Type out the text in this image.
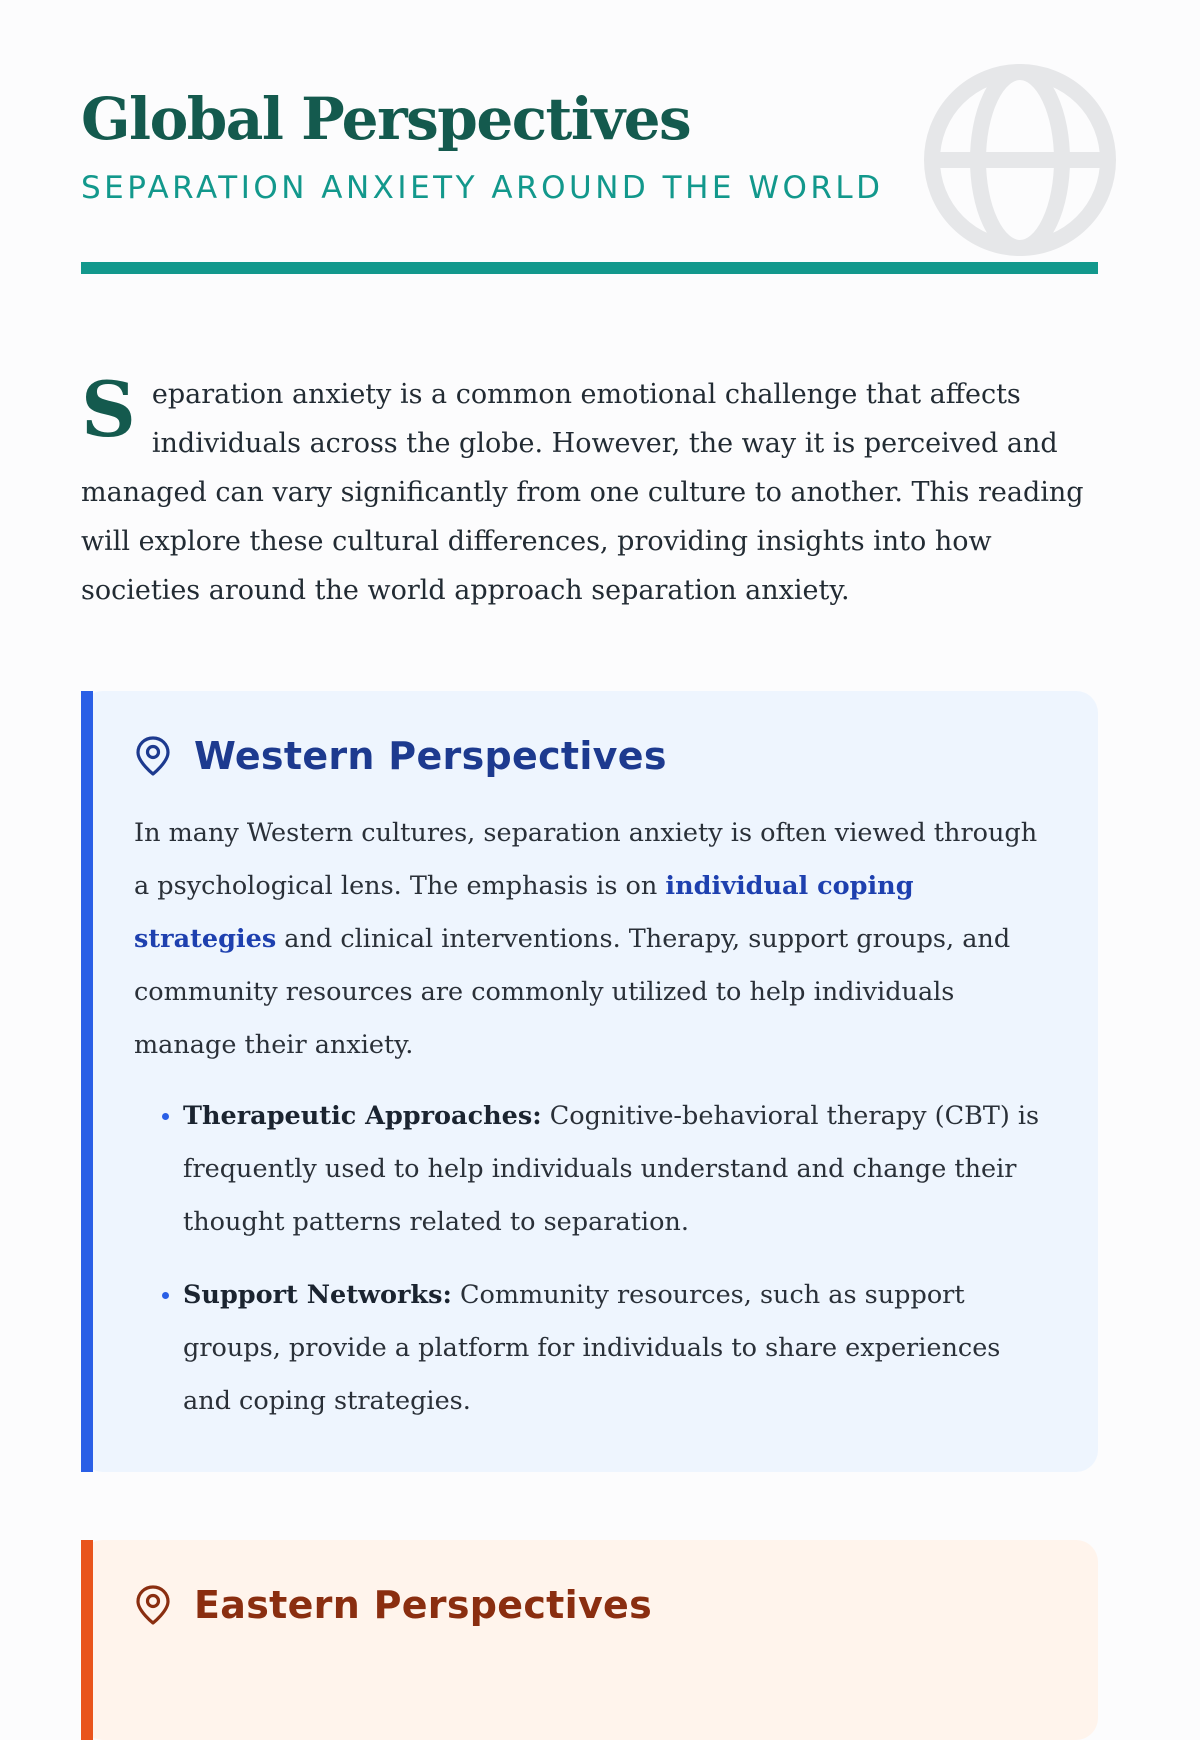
Global Perspectives
SEPARATION ANXIETY AROUND THE WORLD

Separation anxiety is a common emotional challenge that affects individuals across the globe. However, the way it is perceived and managed can vary significantly from one culture to another. This reading will explore these cultural differences, providing insights into how societies around the world approach separation anxiety.

Western Perspectives

In many Western cultures, separation anxiety is often viewed through a psychological lens. The emphasis is on individual coping strategies and clinical interventions. Therapy, support groups, and community resources are commonly utilized to help individuals manage their anxiety.

Therapeutic Approaches: Cognitive-behavioral therapy (CBT) is frequently used to help individuals understand and change their thought patterns related to separation.
Support Networks: Community resources, such as support groups, provide a platform for individuals to share experiences and coping strategies.
Eastern Perspectives
